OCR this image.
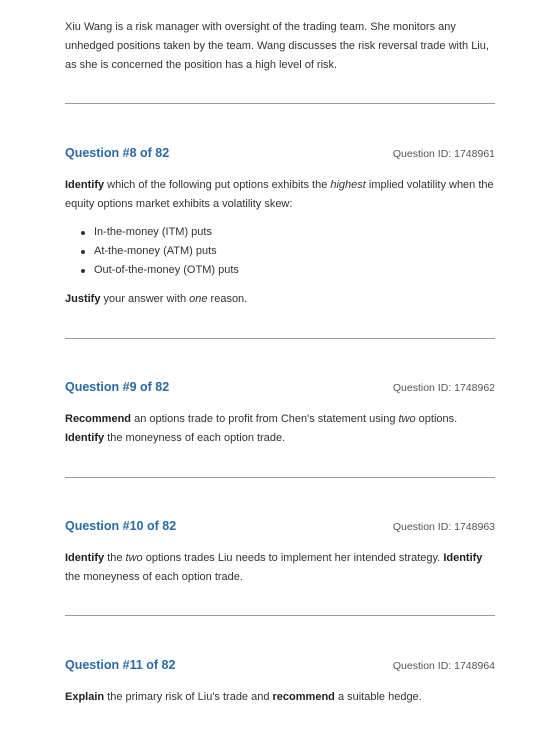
Xiu Wang is a risk manager with oversight of the trading team. She monitors any unhedged positions taken by the team. Wang discusses the risk reversal trade with Liu, as she is concerned the position has a high level of risk.

Question #8 of 82	Question ID: 1748961

Identify which of the following put options exhibits the highest implied volatility when the equity options market exhibits a volatility skew:

In-the-money (ITM) puts
At-the-money (ATM) puts
Out-of-the-money (OTM) puts

Justify your answer with one reason.

Question #9 of 82	Question ID: 1748962

Recommend an options trade to profit from Chen's statement using two options.
Identify the moneyness of each option trade.

Question #10 of 82	Question ID: 1748963

Identify the two options trades Liu needs to implement her intended strategy. Identify the moneyness of each option trade.

Question #11 of 82	Question ID: 1748964

Explain the primary risk of Liu's trade and recommend a suitable hedge.
